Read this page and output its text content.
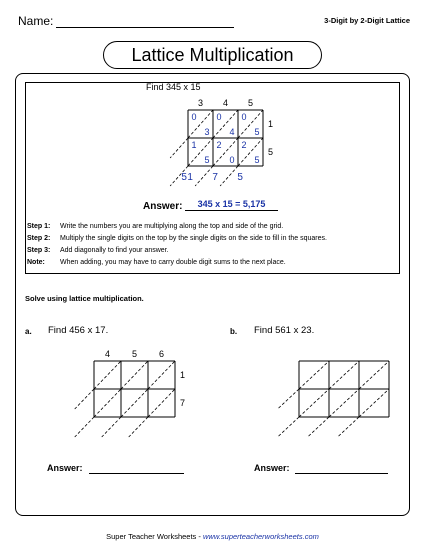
Name:	3-Digit by 2-Digit Lattice
Lattice Multiplication
Find 345 x 15
3 4 5
1
5
0
3
0
4
0
5
1
5
2
0
2
5
5 1 7 5
4 5 6
1
7
Answer:	345 x 15 = 5,175
Step 1: Write the numbers you are multiplying along the top and side of the grid.
Step 2: Multiply the single digits on the top by the single digits on the side to fill in the squares.
Step 3: Add diagonally to find your answer.
Note: When adding, you may have to carry double digit sums to the next place.
Solve using lattice multiplication.
a. Find 456 x 17.
Answer:
b. Find 561 x 23.
Answer:
Super Teacher Worksheets - www.superteacherworksheets.com
